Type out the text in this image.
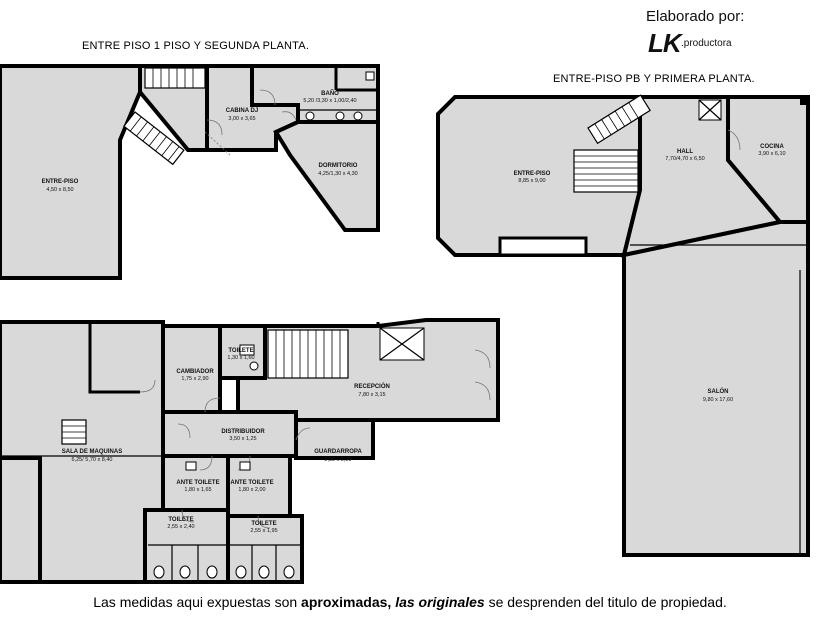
ENTRE PISO 1 PISO Y SEGUNDA PLANTA.
ENTRE-PISO PB Y PRIMERA PLANTA.
Elaborado por:
LK .productora
ENTRE-PISO
4,50 x 8,50
CABINA DJ
3,00 x 3,65
BAÑO
5,20 /3,30 x 1,00/2,40
DORMITORIO
4,25/1,30 x 4,30	ENTRE-PISO
8,85 x 9,00
HALL
7,70/4,70 x 6,50
COCINA
3,90 x 6,10
SALÓN
9,80 x 17,60
CAMBIADOR
1,75 x 2,90
TOILETE
1,30 x 1,60
RECEPCIÓN
7,80 x 3,15
DISTRIBUIDOR
3,50 x 1,25
GUARDARROPA
2,85 x 2,20
SALA DE MAQUINAS
6,25/ 5,70 x 8,40
ANTE TOILETE
1,80 x 1,65
ANTE TOILETE
1,80 x 2,00
TOILETE
2,55 x 2,40	TOILETE
2,55 x 1,95
Las medidas aqui expuestas son aproximadas, las originales se desprenden del titulo de propiedad.
